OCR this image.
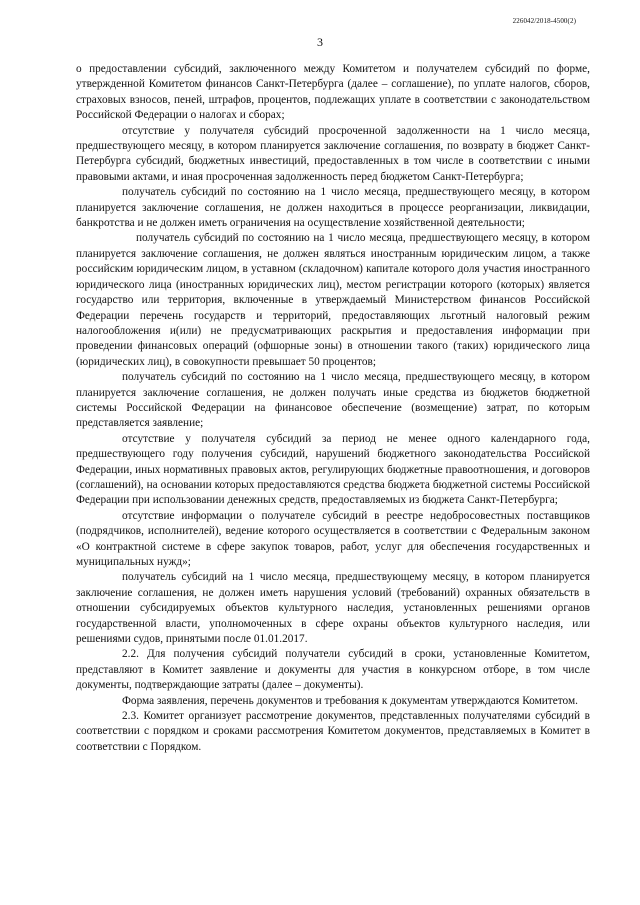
226042/2018-4500(2)
3

о предоставлении субсидий, заключенного между Комитетом и получателем субсидий по форме, утвержденной Комитетом финансов Санкт-Петербурга (далее – соглашение), по уплате налогов, сборов, страховых взносов, пеней, штрафов, процентов, подлежащих уплате в соответствии с законодательством Российской Федерации о налогах и сборах;

отсутствие у получателя субсидий просроченной задолженности на 1 число месяца, предшествующего месяцу, в котором планируется заключение соглашения, по возврату в бюджет Санкт-Петербурга субсидий, бюджетных инвестиций, предоставленных в том числе в соответствии с иными правовыми актами, и иная просроченная задолженность перед бюджетом Санкт-Петербурга;

получатель субсидий по состоянию на 1 число месяца, предшествующего месяцу, в котором планируется заключение соглашения, не должен находиться в процессе реорганизации, ликвидации, банкротства и не должен иметь ограничения на осуществление хозяйственной деятельности;

получатель субсидий по состоянию на 1 число месяца, предшествующего месяцу, в котором планируется заключение соглашения, не должен являться иностранным юридическим лицом, а также российским юридическим лицом, в уставном (складочном) капитале которого доля участия иностранного юридического лица (иностранных юридических лиц), местом регистрации которого (которых) является государство или территория, включенные в утверждаемый Министерством финансов Российской Федерации перечень государств и территорий, предоставляющих льготный налоговый режим налогообложения и(или) не предусматривающих раскрытия и предоставления информации при проведении финансовых операций (офшорные зоны) в отношении такого (таких) юридического лица (юридических лиц), в совокупности превышает 50 процентов;

получатель субсидий по состоянию на 1 число месяца, предшествующего месяцу, в котором планируется заключение соглашения, не должен получать иные средства из бюджетов бюджетной системы Российской Федерации на финансовое обеспечение (возмещение) затрат, по которым представляется заявление;

отсутствие у получателя субсидий за период не менее одного календарного года, предшествующего году получения субсидий, нарушений бюджетного законодательства Российской Федерации, иных нормативных правовых актов, регулирующих бюджетные правоотношения, и договоров (соглашений), на основании которых предоставляются средства бюджета бюджетной системы Российской Федерации при использовании денежных средств, предоставляемых из бюджета Санкт-Петербурга;

отсутствие информации о получателе субсидий в реестре недобросовестных поставщиков (подрядчиков, исполнителей), ведение которого осуществляется в соответствии с Федеральным законом «О контрактной системе в сфере закупок товаров, работ, услуг для обеспечения государственных и муниципальных нужд»;

получатель субсидий на 1 число месяца, предшествующему месяцу, в котором планируется заключение соглашения, не должен иметь нарушения условий (требований) охранных обязательств в отношении субсидируемых объектов культурного наследия, установленных решениями органов государственной власти, уполномоченных в сфере охраны объектов культурного наследия, или решениями судов, принятыми после 01.01.2017.

2.2. Для получения субсидий получатели субсидий в сроки, установленные Комитетом, представляют в Комитет заявление и документы для участия в конкурсном отборе, в том числе документы, подтверждающие затраты (далее – документы).

Форма заявления, перечень документов и требования к документам утверждаются Комитетом.

2.3. Комитет организует рассмотрение документов, представленных получателями субсидий в соответствии с порядком и сроками рассмотрения Комитетом документов, представляемых в Комитет в соответствии с Порядком.
